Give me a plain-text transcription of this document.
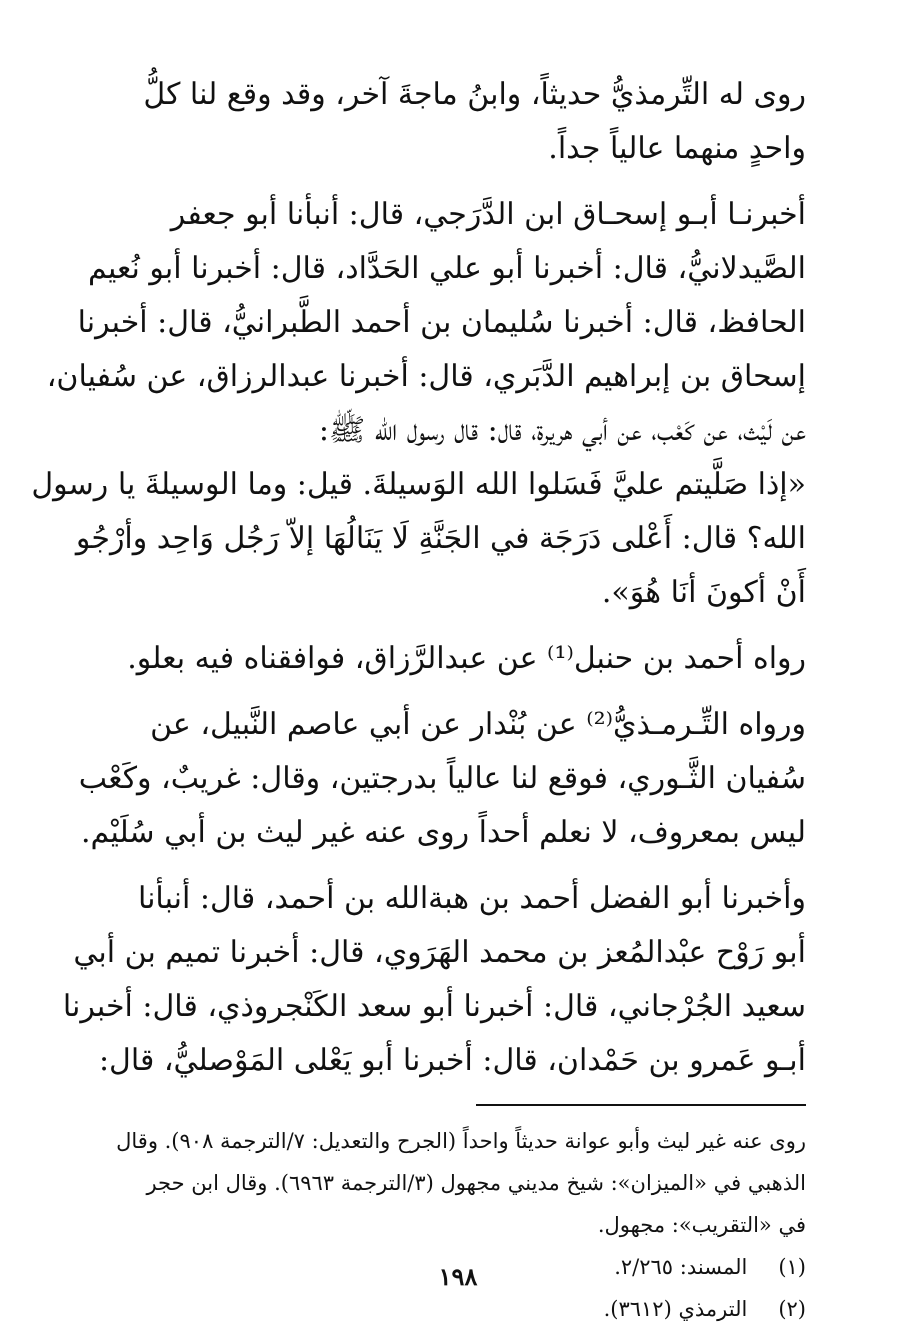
روى له التِّرمذيُّ حديثاً، وابنُ ماجةَ آخر، وقد وقع لنا كلُّ
واحدٍ منهما عالياً جداً.

أخبرنـا أبـو إسحـاق ابن الدَّرَجي، قال: أنبأنا أبو جعفر
الصَّيدلانيُّ، قال: أخبرنا أبو علي الحَدَّاد، قال: أخبرنا أبو نُعيم
الحافظ، قال: أخبرنا سُليمان بن أحمد الطَّبرانيُّ، قال: أخبرنا
إسحاق بن إبراهيم الدَّبَري، قال: أخبرنا عبدالرزاق، عن سُفيان،
عن لَيْث، عن كَعْب، عن أبي هريرة، قال: قال رسول الله ﷺ:
«إذا صَلَّيتم عليَّ فَسَلوا الله الوَسيلةَ. قيل: وما الوسيلةَ يا رسول
الله؟ قال: أَعْلى دَرَجَة في الجَنَّةِ لَا يَنَالُهَا إلاّ رَجُل وَاحِد وأرْجُو
أَنْ أكونَ أنَا هُوَ».

رواه أحمد بن حنبل⁽¹⁾ عن عبدالرَّزاق، فوافقناه فيه بعلو.

ورواه التِّـرمـذيُّ⁽²⁾ عن بُنْدار عن أبي عاصم النَّبيل، عن
سُفيان الثَّـوري، فوقع لنا عالياً بدرجتين، وقال: غريبٌ، وكَعْب
ليس بمعروف، لا نعلم أحداً روى عنه غير ليث بن أبي سُلَيْم.

وأخبرنا أبو الفضل أحمد بن هبةالله بن أحمد، قال: أنبأنا
أبو رَوْح عبْدالمُعز بن محمد الهَرَوي، قال: أخبرنا تميم بن أبي
سعيد الجُرْجاني، قال: أخبرنا أبو سعد الكَنْجروذي، قال: أخبرنا
أبـو عَمرو بن حَمْدان، قال: أخبرنا أبو يَعْلى المَوْصليُّ، قال:

روى عنه غير ليث وأبو عوانة حديثاً واحداً (الجرح والتعديل: ٧/الترجمة ٩٠٨). وقال

الذهبي في «الميزان»: شيخ مديني مجهول (٣/الترجمة ٦٩٦٣). وقال ابن حجر

في «التقريب»: مجهول.

(١) المسند: ٢/٢٦٥.

(٢) الترمذي (٣٦١٢).

١٩٨
